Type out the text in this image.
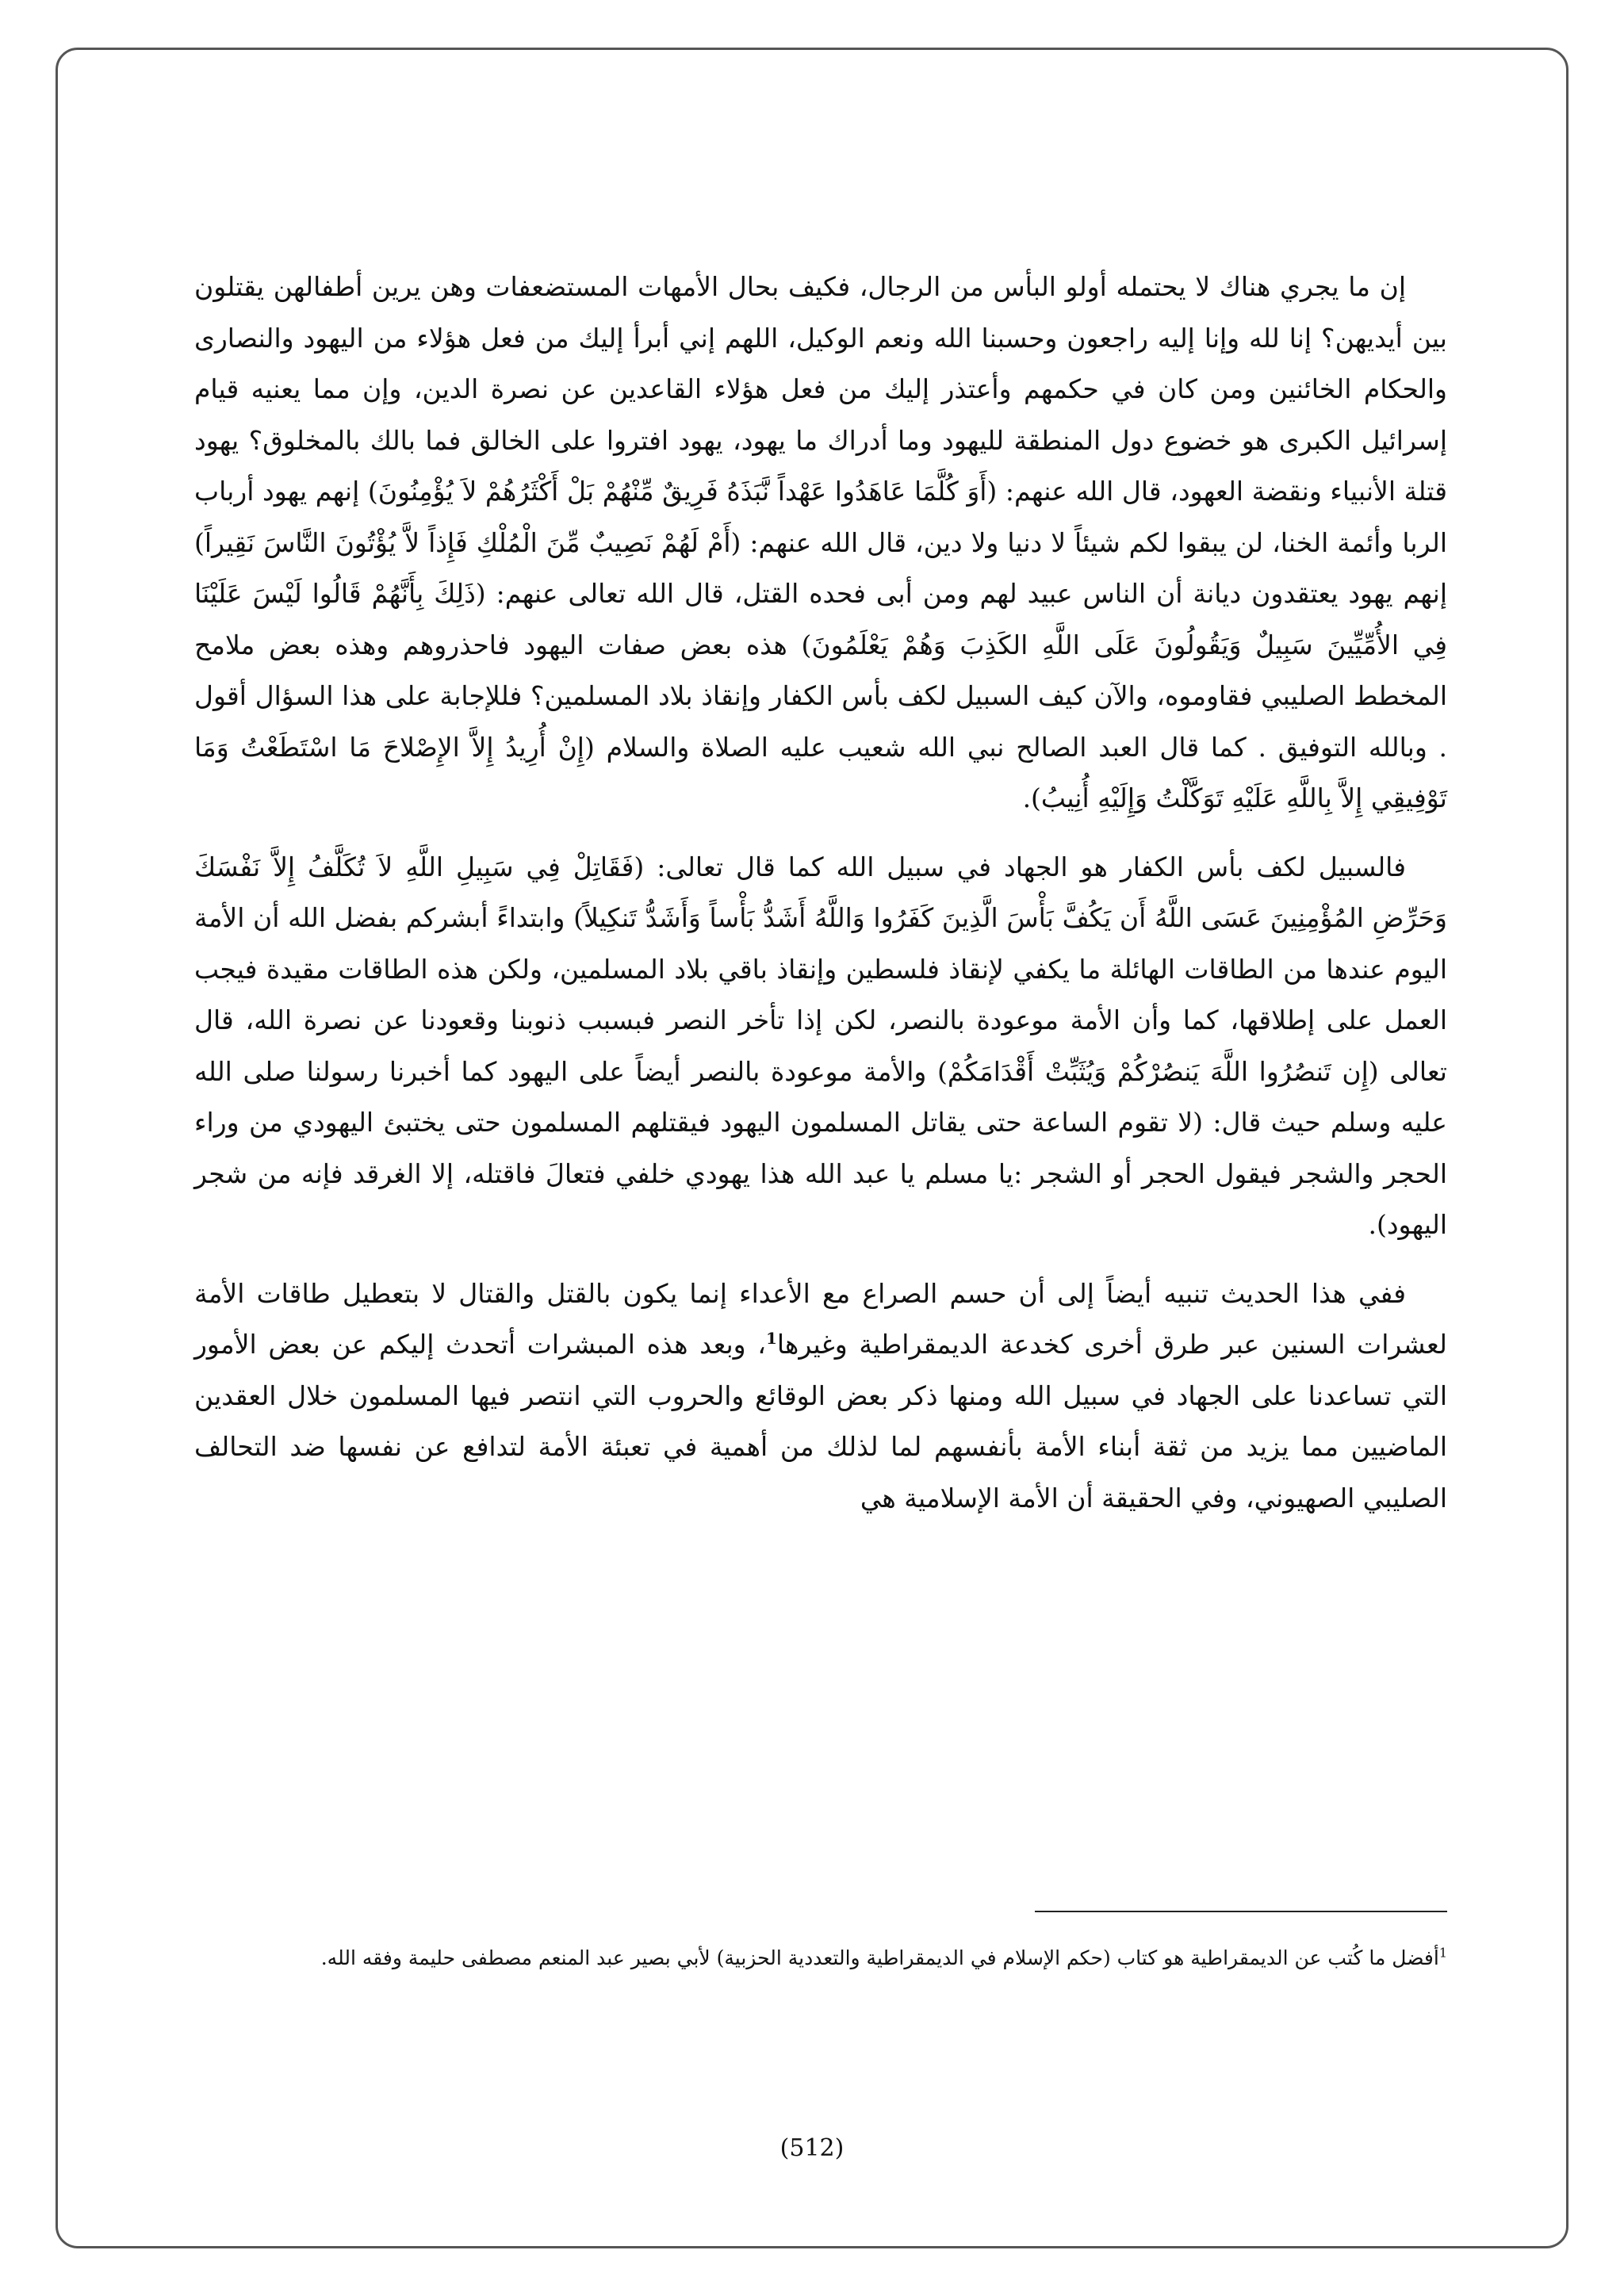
إن ما يجري هناك لا يحتمله أولو البأس من الرجال، فكيف بحال الأمهات المستضعفات وهن يرين أطفالهن يقتلون بين أيديهن؟ إنا لله وإنا إليه راجعون وحسبنا الله ونعم الوكيل، اللهم إني أبرأ إليك من فعل هؤلاء من اليهود والنصارى والحكام الخائنين ومن كان في حكمهم وأعتذر إليك من فعل هؤلاء القاعدين عن نصرة الدين، وإن مما يعنيه قيام إسرائيل الكبرى هو خضوع دول المنطقة لليهود وما أدراك ما يهود، يهود افتروا على الخالق فما بالك بالمخلوق؟ يهود قتلة الأنبياء ونقضة العهود، قال الله عنهم: (أَوَ كُلَّمَا عَاهَدُوا عَهْداً نَّبَذَهُ فَرِيقٌ مِّنْهُمْ بَلْ أَكْثَرُهُمْ لاَ يُؤْمِنُونَ) إنهم يهود أرباب الربا وأئمة الخنا، لن يبقوا لكم شيئاً لا دنيا ولا دين، قال الله عنهم: (أَمْ لَهُمْ نَصِيبٌ مِّنَ الْمُلْكِ فَإِذاً لاَّ يُؤْتُونَ النَّاسَ نَقِيراً) إنهم يهود يعتقدون ديانة أن الناس عبيد لهم ومن أبى فحده القتل، قال الله تعالى عنهم: (ذَلِكَ بِأَنَّهُمْ قَالُوا لَيْسَ عَلَيْنَا فِي الأُمِّيِّينَ سَبِيلٌ وَيَقُولُونَ عَلَى اللَّهِ الكَذِبَ وَهُمْ يَعْلَمُونَ) هذه بعض صفات اليهود فاحذروهم وهذه بعض ملامح المخطط الصليبي فقاوموه، والآن كيف السبيل لكف بأس الكفار وإنقاذ بلاد المسلمين؟ فللإجابة على هذا السؤال أقول . وبالله التوفيق . كما قال العبد الصالح نبي الله شعيب عليه الصلاة والسلام (إِنْ أُرِيدُ إِلاَّ الإِصْلاحَ مَا اسْتَطَعْتُ وَمَا تَوْفِيقِي إِلاَّ بِاللَّهِ عَلَيْهِ تَوَكَّلْتُ وَإِلَيْهِ أُنِيبُ).

فالسبيل لكف بأس الكفار هو الجهاد في سبيل الله كما قال تعالى: (فَقَاتِلْ فِي سَبِيلِ اللَّهِ لاَ تُكَلَّفُ إِلاَّ نَفْسَكَ وَحَرِّضِ المُؤْمِنِينَ عَسَى اللَّهُ أَن يَكُفَّ بَأْسَ الَّذِينَ كَفَرُوا وَاللَّهُ أَشَدُّ بَأْساً وَأَشَدُّ تَنكِيلاً) وابتداءً أبشركم بفضل الله أن الأمة اليوم عندها من الطاقات الهائلة ما يكفي لإنقاذ فلسطين وإنقاذ باقي بلاد المسلمين، ولكن هذه الطاقات مقيدة فيجب العمل على إطلاقها، كما وأن الأمة موعودة بالنصر، لكن إذا تأخر النصر فبسبب ذنوبنا وقعودنا عن نصرة الله، قال تعالى (إِن تَنصُرُوا اللَّهَ يَنصُرْكُمْ وَيُثَبِّتْ أَقْدَامَكُمْ) والأمة موعودة بالنصر أيضاً على اليهود كما أخبرنا رسولنا صلى الله عليه وسلم حيث قال: (لا تقوم الساعة حتى يقاتل المسلمون اليهود فيقتلهم المسلمون حتى يختبئ اليهودي من وراء الحجر والشجر فيقول الحجر أو الشجر :يا مسلم يا عبد الله هذا يهودي خلفي فتعالَ فاقتله، إلا الغرقد فإنه من شجر اليهود).

ففي هذا الحديث تنبيه أيضاً إلى أن حسم الصراع مع الأعداء إنما يكون بالقتل والقتال لا بتعطيل طاقات الأمة لعشرات السنين عبر طرق أخرى كخدعة الديمقراطية وغيرها$^1$، وبعد هذه المبشرات أتحدث إليكم عن بعض الأمور التي تساعدنا على الجهاد في سبيل الله ومنها ذكر بعض الوقائع والحروب التي انتصر فيها المسلمون خلال العقدين الماضيين مما يزيد من ثقة أبناء الأمة بأنفسهم لما لذلك من أهمية في تعبئة الأمة لتدافع عن نفسها ضد التحالف الصليبي الصهيوني، وفي الحقيقة أن الأمة الإسلامية هي

$^1$أفضل ما كُتب عن الديمقراطية هو كتاب (حكم الإسلام في الديمقراطية والتعددية الحزبية) لأبي بصير عبد المنعم مصطفى حليمة وفقه الله.
(512)
